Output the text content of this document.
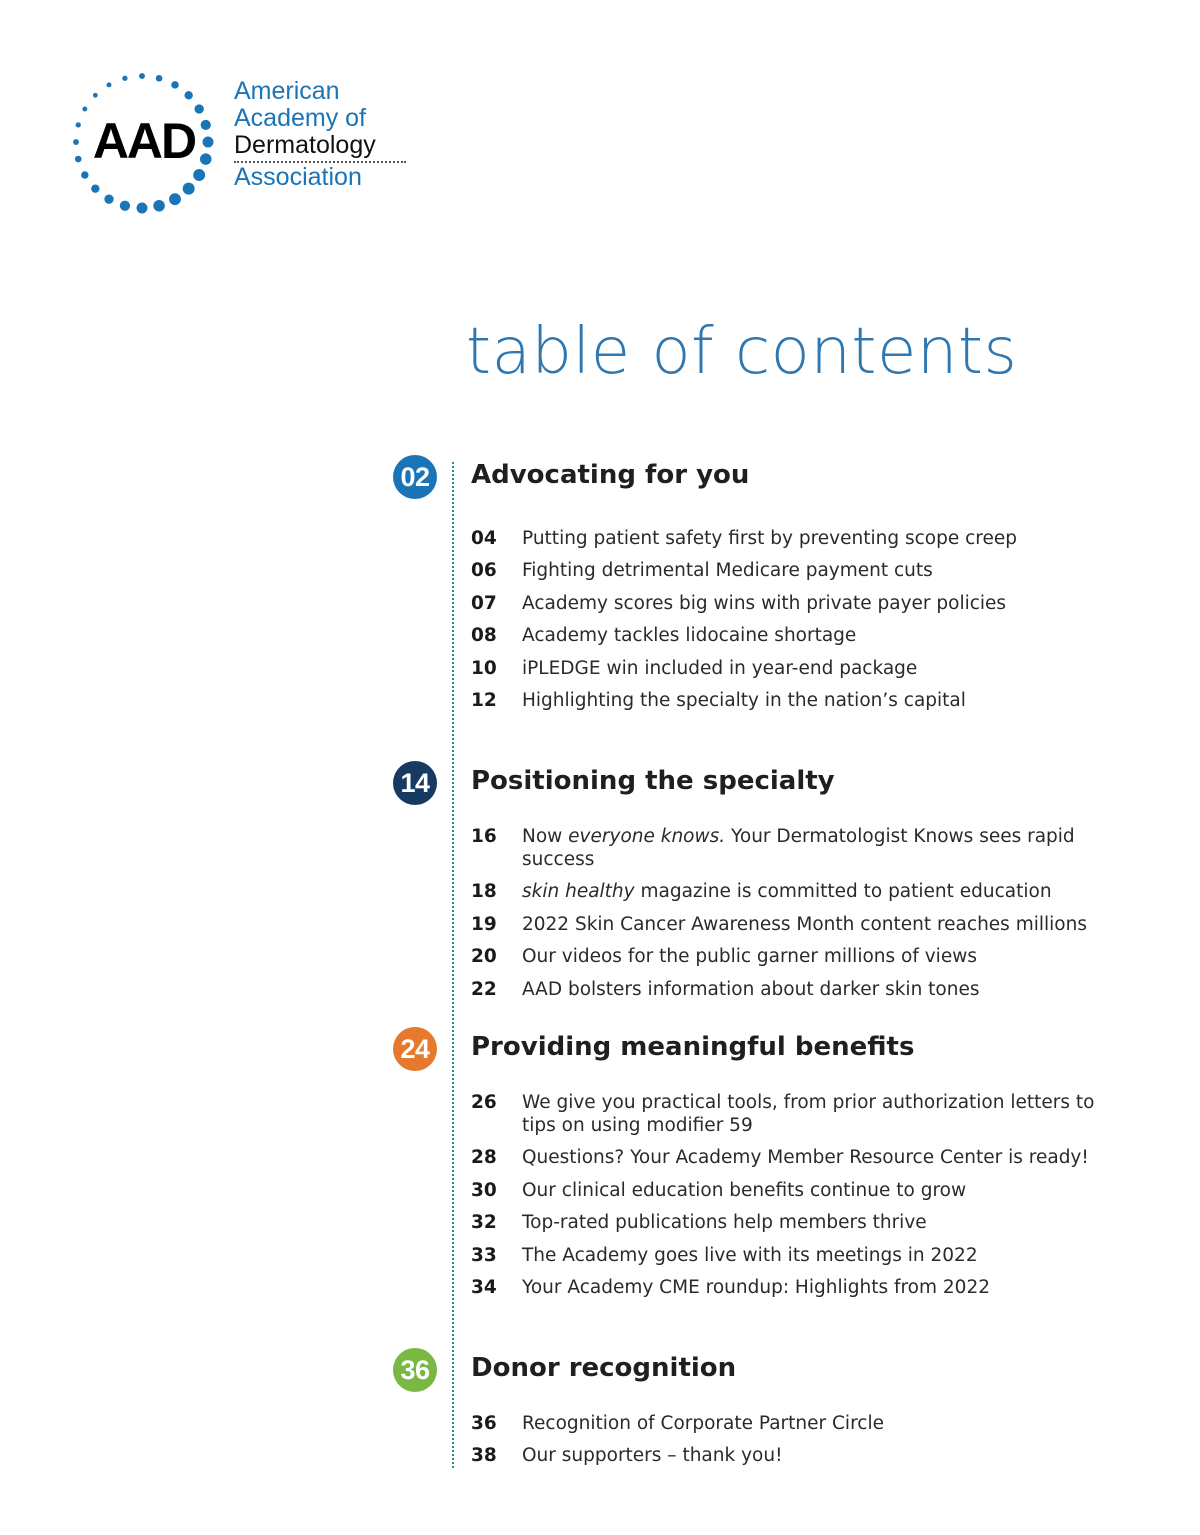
AAD
American
Academy of
Dermatology
Association
table of contents
02 Advocating for you
04 Putting patient safety first by preventing scope creep
06 Fighting detrimental Medicare payment cuts
07 Academy scores big wins with private payer policies
08 Academy tackles lidocaine shortage
10 iPLEDGE win included in year-end package
12 Highlighting the specialty in the nation’s capital
14 Positioning the specialty
16 Now everyone knows. Your Dermatologist Knows sees rapid success
18 skin healthy magazine is committed to patient education
19 2022 Skin Cancer Awareness Month content reaches millions
20 Our videos for the public garner millions of views
22 AAD bolsters information about darker skin tones
24 Providing meaningful benefits
26 We give you practical tools, from prior authorization letters to tips on using modifier 59
28 Questions? Your Academy Member Resource Center is ready!
30 Our clinical education benefits continue to grow
32 Top-rated publications help members thrive
33 The Academy goes live with its meetings in 2022
34 Your Academy CME roundup: Highlights from 2022
36 Donor recognition
36 Recognition of Corporate Partner Circle
38 Our supporters – thank you!
